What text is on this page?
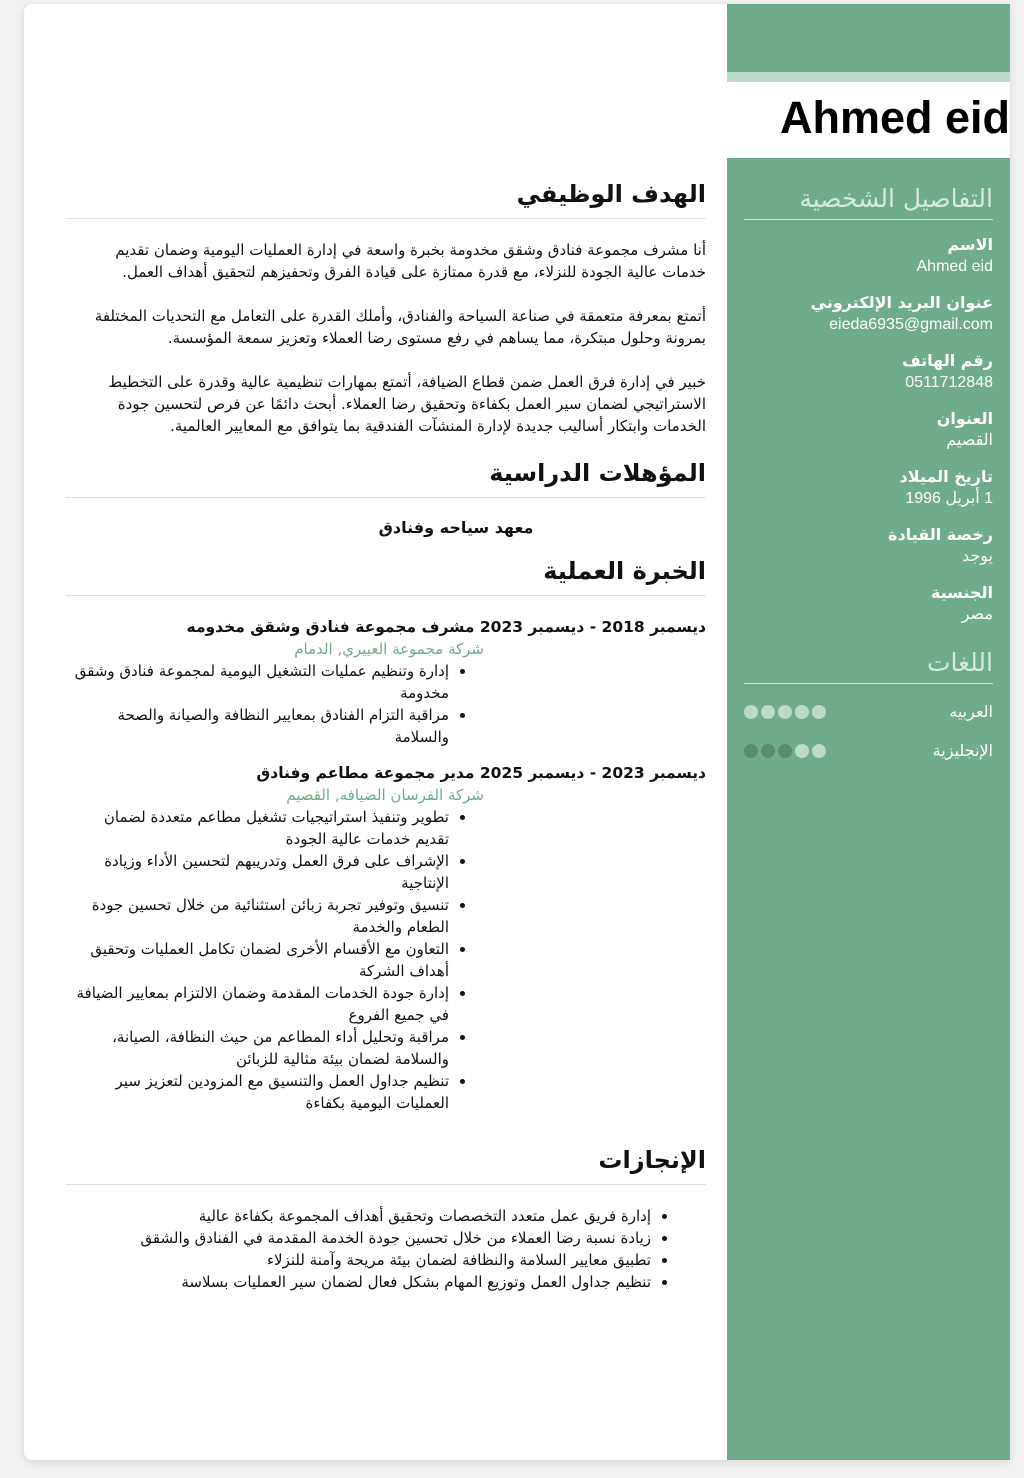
Ahmed eid
التفاصيل الشخصية
الاسم
Ahmed eid
عنوان البريد الإلكتروني
eieda6935@gmail.com
رقم الهاتف
0511712848
العنوان
القصيم
تاريخ الميلاد
1 أبريل 1996
رخصة القيادة
يوجد
الجنسية
مصر
اللغات
العربيه
الإنجليزية
الهدف الوظيفي

أنا مشرف مجموعة فنادق وشقق مخدومة بخبرة واسعة في إدارة العمليات اليومية وضمان تقديم خدمات عالية الجودة للنزلاء، مع قدرة ممتازة على قيادة الفرق وتحفيزهم لتحقيق أهداف العمل.

أتمتع بمعرفة متعمقة في صناعة السياحة والفنادق، وأملك القدرة على التعامل مع التحديات المختلفة بمرونة وحلول مبتكرة، مما يساهم في رفع مستوى رضا العملاء وتعزيز سمعة المؤسسة.

خبير في إدارة فرق العمل ضمن قطاع الضيافة، أتمتع بمهارات تنظيمية عالية وقدرة على التخطيط الاستراتيجي لضمان سير العمل بكفاءة وتحقيق رضا العملاء. أبحث دائمًا عن فرص لتحسين جودة الخدمات وابتكار أساليب جديدة لإدارة المنشآت الفندقية بما يتوافق مع المعايير العالمية.

المؤهلات الدراسية
معهد سياحه وفنادق
الخبرة العملية
ديسمبر 2018 - ديسمبر 2023 مشرف مجموعة فنادق وشقق مخدومه
شركة مجموعة العييري, الدمام
• إدارة وتنظيم عمليات التشغيل اليومية لمجموعة فنادق وشقق مخدومة
• مراقبة التزام الفنادق بمعايير النظافة والصيانة والصحة والسلامة
ديسمبر 2023 - ديسمبر 2025 مدير مجموعة مطاعم وفنادق
شركة الفرسان الضيافه, القصيم
• تطوير وتنفيذ استراتيجيات تشغيل مطاعم متعددة لضمان تقديم خدمات عالية الجودة
• الإشراف على فرق العمل وتدريبهم لتحسين الأداء وزيادة الإنتاجية
• تنسيق وتوفير تجربة زبائن استثنائية من خلال تحسين جودة الطعام والخدمة
• التعاون مع الأقسام الأخرى لضمان تكامل العمليات وتحقيق أهداف الشركة
• إدارة جودة الخدمات المقدمة وضمان الالتزام بمعايير الضيافة في جميع الفروع
• مراقبة وتحليل أداء المطاعم من حيث النظافة، الصيانة، والسلامة لضمان بيئة مثالية للزبائن
• تنظيم جداول العمل والتنسيق مع المزودين لتعزيز سير العمليات اليومية بكفاءة
الإنجازات
• إدارة فريق عمل متعدد التخصصات وتحقيق أهداف المجموعة بكفاءة عالية
• زيادة نسبة رضا العملاء من خلال تحسين جودة الخدمة المقدمة في الفنادق والشقق
• تطبيق معايير السلامة والنظافة لضمان بيئة مريحة وآمنة للنزلاء
• تنظيم جداول العمل وتوزيع المهام بشكل فعال لضمان سير العمليات بسلاسة
